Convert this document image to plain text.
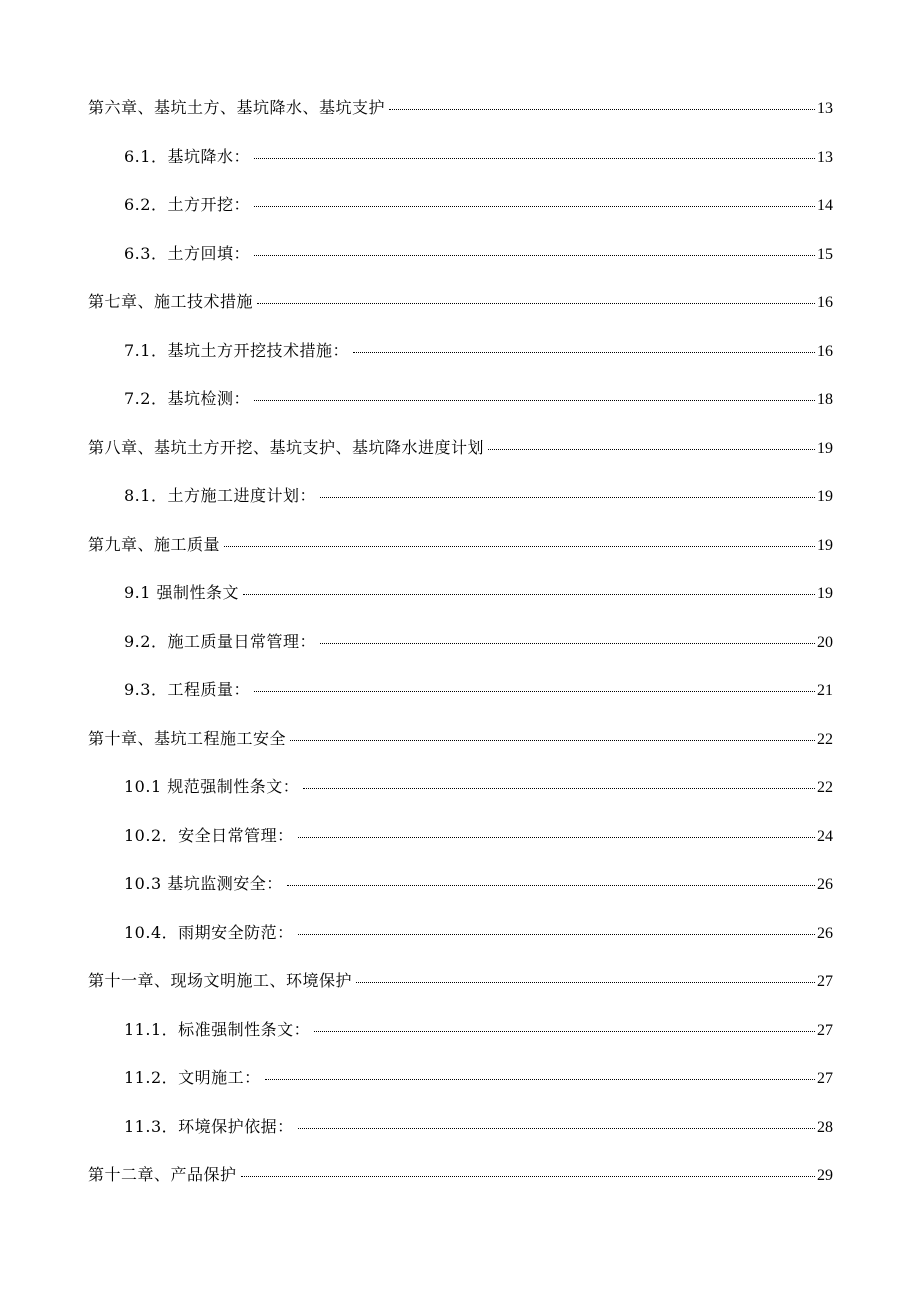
第六章、基坑土方、基坑降水、基坑支护	13
6.1．基坑降水：	13
6.2．土方开挖：	14
6.3．土方回填：	15
第七章、施工技术措施	16
7.1．基坑土方开挖技术措施：	16
7.2．基坑检测：	18
第八章、基坑土方开挖、基坑支护、基坑降水进度计划	19
8.1．土方施工进度计划：	19
第九章、施工质量	19
9.1 强制性条文	19
9.2．施工质量日常管理：	20
9.3．工程质量：	21
第十章、基坑工程施工安全	22
10.1 规范强制性条文：	22
10.2．安全日常管理：	24
10.3 基坑监测安全：	26
10.4．雨期安全防范：	26
第十一章、现场文明施工、环境保护	27
11.1．标准强制性条文：	27
11.2．文明施工：	27
11.3．环境保护依据：	28
第十二章、产品保护	29
